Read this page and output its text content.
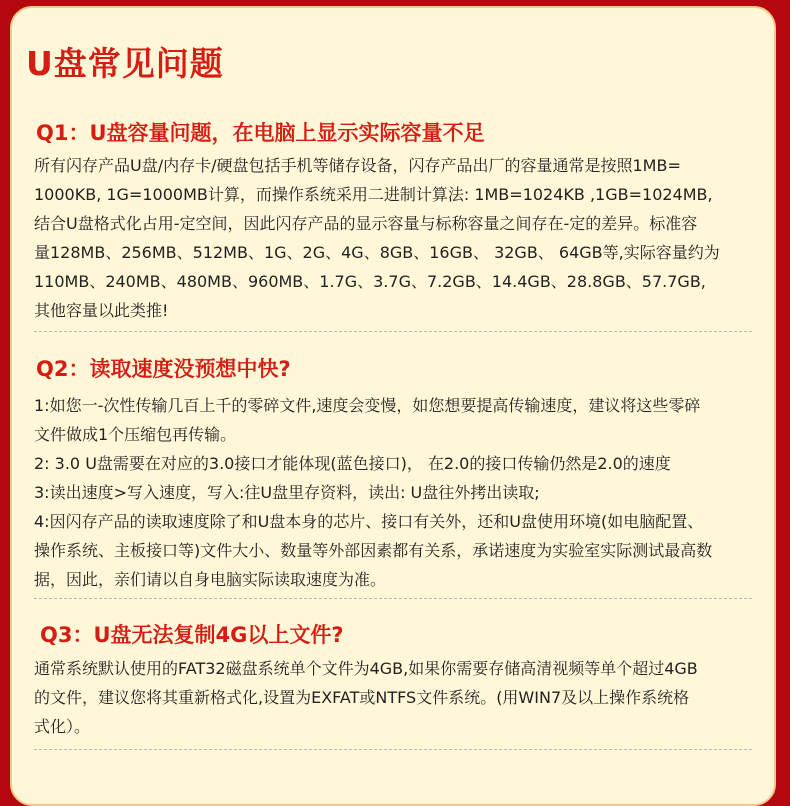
U盘常见问题
Q1：U盘容量问题，在电脑上显示实际容量不足

所有闪存产品U盘/内存卡/硬盘包括手机等储存设备，闪存产品出厂的容量通常是按照1MB=

1000KB, 1G=1000MB计算，而操作系统采用二进制计算法: 1MB=1024KB ,1GB=1024MB,

结合U盘格式化占用-定空间，因此闪存产品的显示容量与标称容量之间存在-定的差异。标准容

量128MB、256MB、512MB、1G、2G、4G、8GB、16GB、 32GB、 64GB等,实际容量约为

110MB、240MB、480MB、960MB、1.7G、3.7G、7.2GB、14.4GB、28.8GB、57.7GB,

其他容量以此类推!

Q2：读取速度没预想中快?

1:如您一-次性传输几百上千的零碎文件,速度会变慢，如您想要提高传输速度，建议将这些零碎

文件做成1个压缩包再传输。

2: 3.0 U盘需要在对应的3.0接口才能体现(蓝色接口)， 在2.0的接口传输仍然是2.0的速度

3:读出速度>写入速度，写入:往U盘里存资料，读出: U盘往外拷出读取;

4:因闪存产品的读取速度除了和U盘本身的芯片、接口有关外，还和U盘使用环境(如电脑配置、

操作系统、主板接口等)文件大小、数量等外部因素都有关系，承诺速度为实验室实际测试最高数

据，因此，亲们请以自身电脑实际读取速度为准。

Q3：U盘无法复制4G以上文件?

通常系统默认使用的FAT32磁盘系统单个文件为4GB,如果你需要存储高清视频等单个超过4GB

的文件，建议您将其重新格式化,设置为EXFAT或NTFS文件系统。(用WIN7及以上操作系统格

式化）。
